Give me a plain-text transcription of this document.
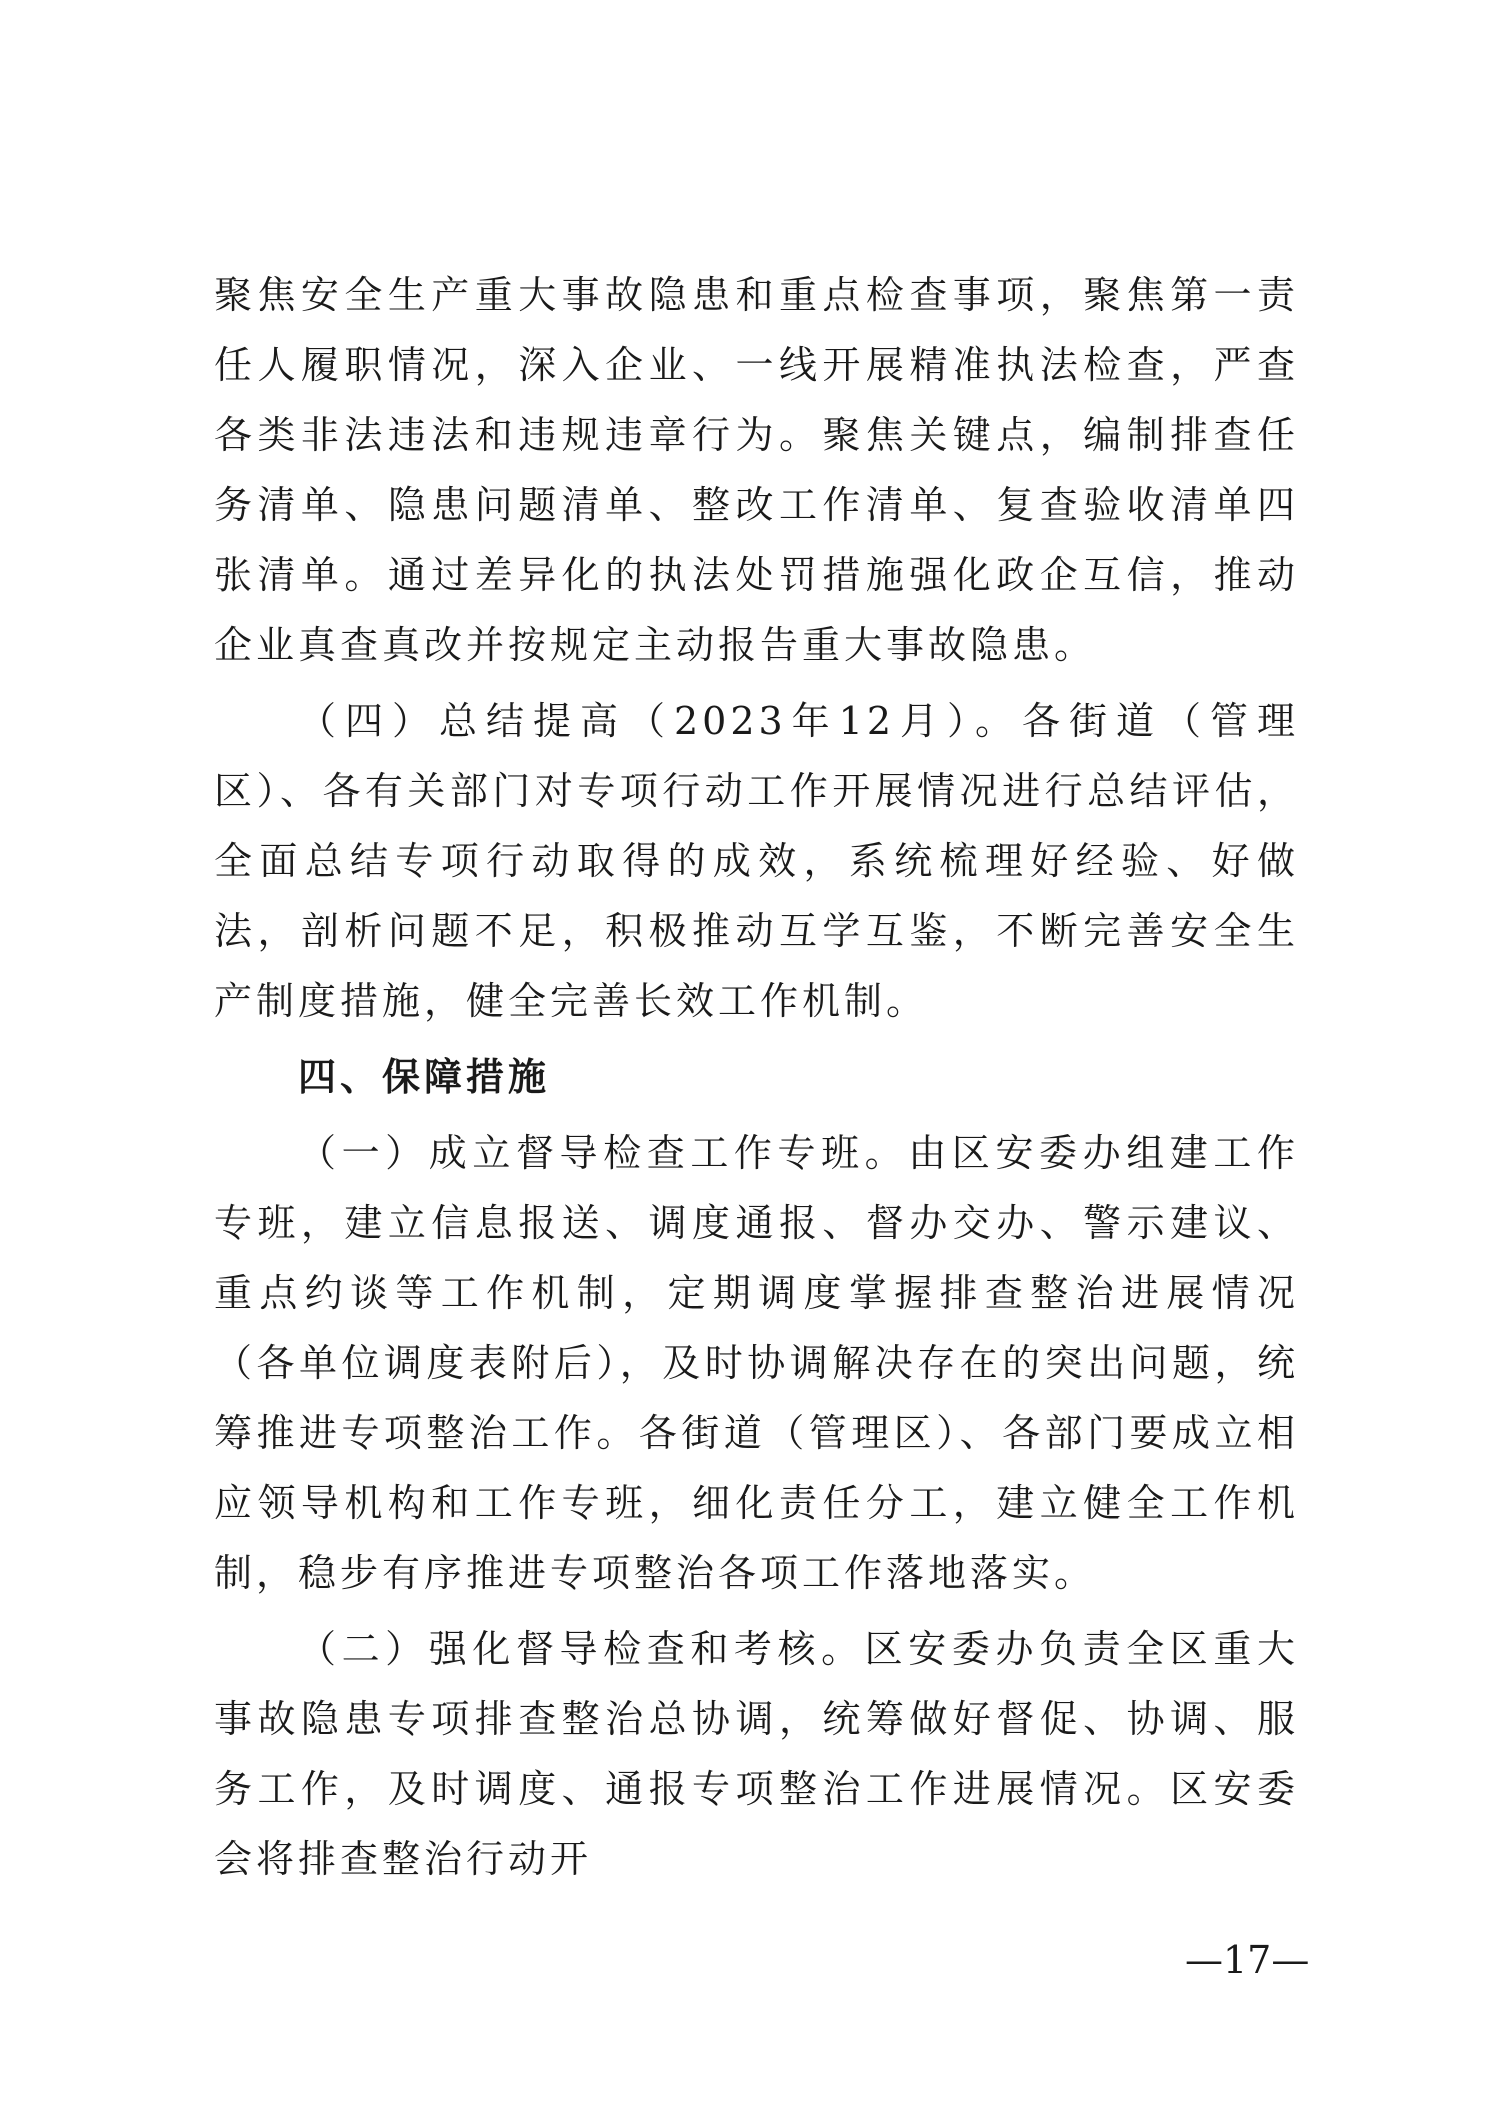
聚焦安全生产重大事故隐患和重点检查事项，聚焦第一责任人履职情况，深入企业、一线开展精准执法检查，严查各类非法违法和违规违章行为。聚焦关键点，编制排查任务清单、隐患问题清单、整改工作清单、复查验收清单四张清单。通过差异化的执法处罚措施强化政企互信，推动企业真查真改并按规定主动报告重大事故隐患。

（四）总结提高（2023年12月）。各街道（管理区）、各有关部门对专项行动工作开展情况进行总结评估，全面总结专项行动取得的成效，系统梳理好经验、好做法，剖析问题不足，积极推动互学互鉴，不断完善安全生产制度措施，健全完善长效工作机制。

四、保障措施

（一）成立督导检查工作专班。由区安委办组建工作专班，建立信息报送、调度通报、督办交办、警示建议、重点约谈等工作机制，定期调度掌握排查整治进展情况（各单位调度表附后），及时协调解决存在的突出问题，统筹推进专项整治工作。各街道（管理区）、各部门要成立相应领导机构和工作专班，细化责任分工，建立健全工作机制，稳步有序推进专项整治各项工作落地落实。

（二）强化督导检查和考核。区安委办负责全区重大事故隐患专项排查整治总协调，统筹做好督促、协调、服务工作，及时调度、通报专项整治工作进展情况。区安委会将排查整治行动开

—17—
